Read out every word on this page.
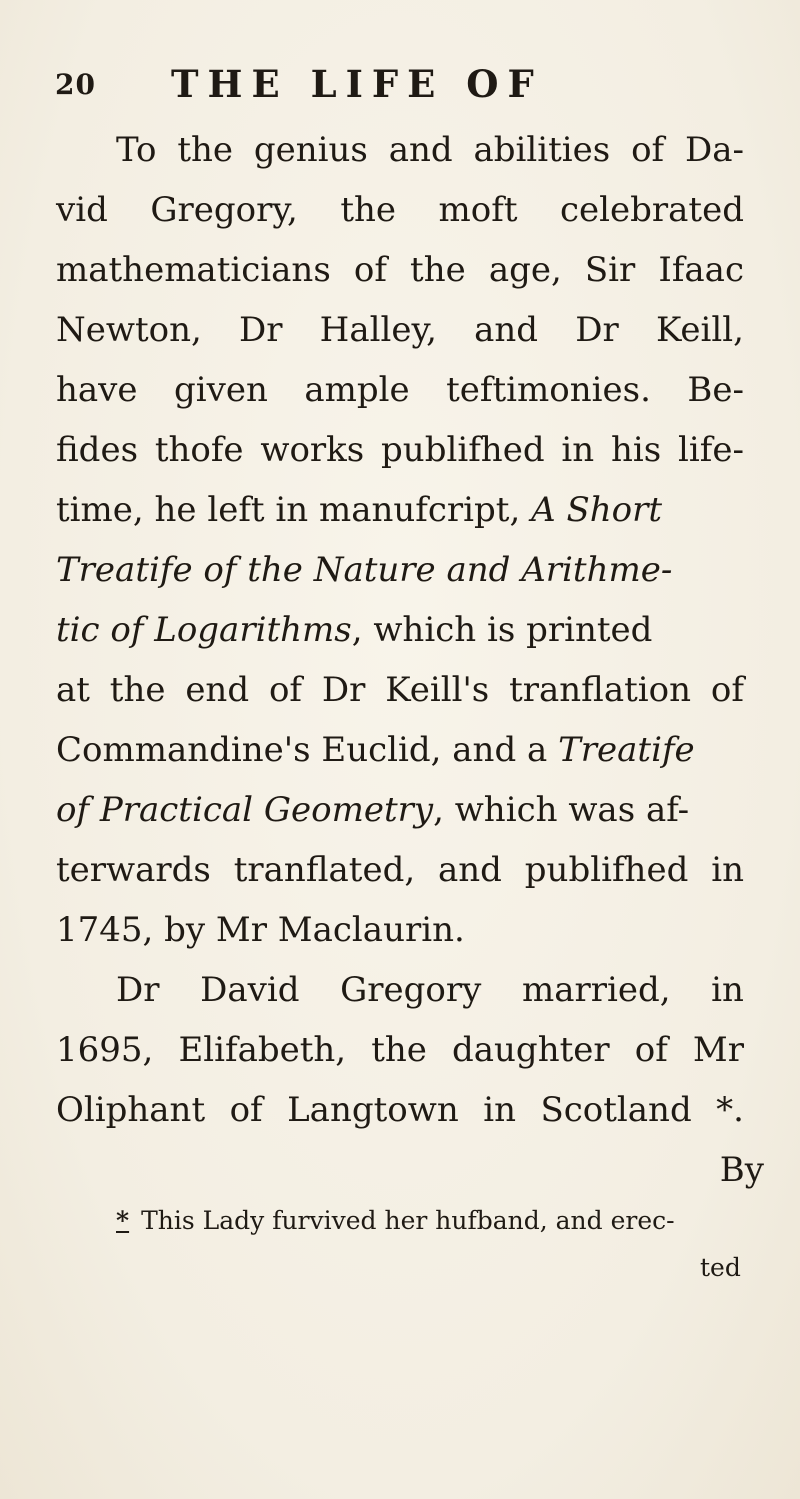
20 THE LIFE OF
To the genius and abilities of Da-
vid Gregory, the moft celebrated
mathematicians of the age, Sir Ifaac
Newton, Dr Halley, and Dr Keill,
have given ample teftimonies. Be-
fides thofe works publifhed in his life-
time, he left in manufcript, A Short
Treatife of the Nature and Arithme-
tic of Logarithms, which is printed
at the end of Dr Keill's tranflation of
Commandine's Euclid, and a Treatife
of Practical Geometry, which was af-
terwards tranflated, and publifhed in
1745, by Mr Maclaurin.
Dr David Gregory married, in
1695, Elifabeth, the daughter of Mr
Oliphant of Langtown in Scotland *.
By
* This Lady furvived her hufband, and erec-
ted
